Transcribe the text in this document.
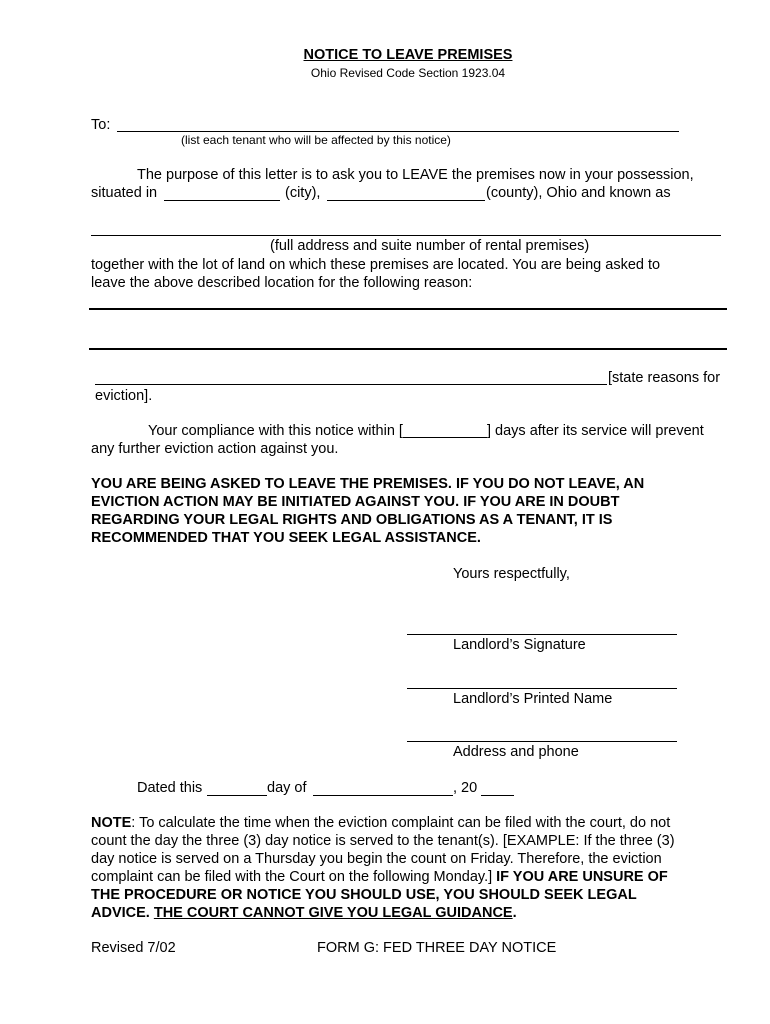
NOTICE TO LEAVE PREMISES
Ohio Revised Code Section 1923.04
To:
(list each tenant who will be affected by this notice)
The purpose of this letter is to ask you to LEAVE the premises now in your possession,
situated in	(city),	(county), Ohio and known as
(full address and suite number of rental premises)
together with the lot of land on which these premises are located. You are being asked to
leave the above described location for the following reason:
[state reasons for
eviction].
Your compliance with this notice within [	] days after its service will prevent
any further eviction action against you.
YOU ARE BEING ASKED TO LEAVE THE PREMISES. IF YOU DO NOT LEAVE, AN
EVICTION ACTION MAY BE INITIATED AGAINST YOU. IF YOU ARE IN DOUBT
REGARDING YOUR LEGAL RIGHTS AND OBLIGATIONS AS A TENANT, IT IS
RECOMMENDED THAT YOU SEEK LEGAL ASSISTANCE.
Yours respectfully,
Landlord’s Signature
Landlord’s Printed Name
Address and phone
Dated this	day of	, 20
NOTE: To calculate the time when the eviction complaint can be filed with the court, do not
count the day the three (3) day notice is served to the tenant(s). [EXAMPLE: If the three (3)
day notice is served on a Thursday you begin the count on Friday. Therefore, the eviction
complaint can be filed with the Court on the following Monday.] IF YOU ARE UNSURE OF
THE PROCEDURE OR NOTICE YOU SHOULD USE, YOU SHOULD SEEK LEGAL
ADVICE. THE COURT CANNOT GIVE YOU LEGAL GUIDANCE.
Revised 7/02	FORM G: FED THREE DAY NOTICE
